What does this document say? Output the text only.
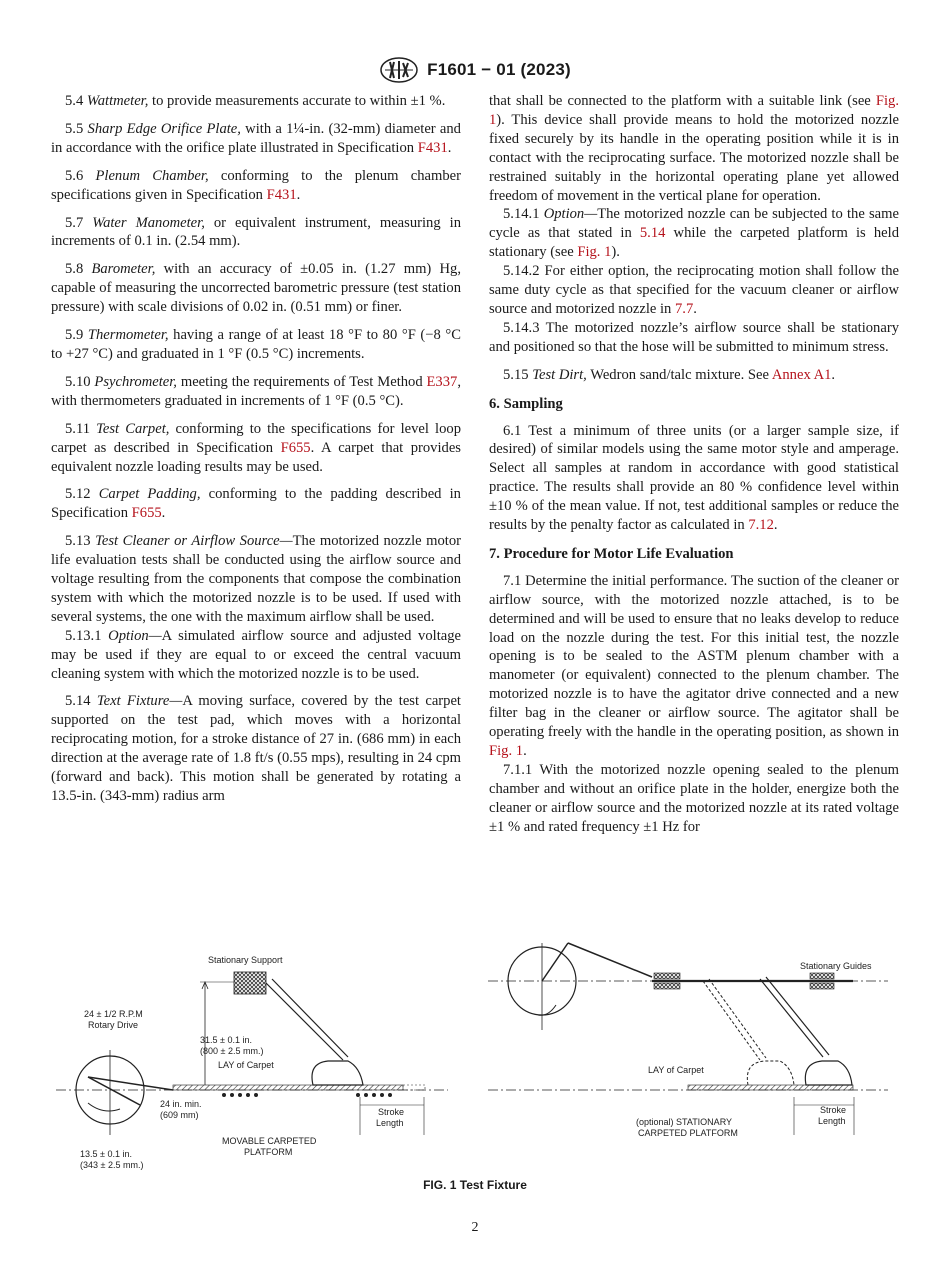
F1601 − 01 (2023)

5.4 Wattmeter, to provide measurements accurate to within ±1 %.

5.5 Sharp Edge Orifice Plate, with a 1¼-in. (32-mm) diameter and in accordance with the orifice plate illustrated in Specification F431.

5.6 Plenum Chamber, conforming to the plenum chamber specifications given in Specification F431.

5.7 Water Manometer, or equivalent instrument, measuring in increments of 0.1 in. (2.54 mm).

5.8 Barometer, with an accuracy of ±0.05 in. (1.27 mm) Hg, capable of measuring the uncorrected barometric pressure (test station pressure) with scale divisions of 0.02 in. (0.51 mm) or finer.

5.9 Thermometer, having a range of at least 18 °F to 80 °F (−8 °C to +27 °C) and graduated in 1 °F (0.5 °C) increments.

5.10 Psychrometer, meeting the requirements of Test Method E337, with thermometers graduated in increments of 1 °F (0.5 °C).

5.11 Test Carpet, conforming to the specifications for level loop carpet as described in Specification F655. A carpet that provides equivalent nozzle loading results may be used.

5.12 Carpet Padding, conforming to the padding described in Specification F655.

5.13 Test Cleaner or Airflow Source—The motorized nozzle motor life evaluation tests shall be conducted using the airflow source and voltage resulting from the components that compose the combination system with which the motorized nozzle is to be used. If used with several systems, the one with the maximum airflow shall be used.

5.13.1 Option—A simulated airflow source and adjusted voltage may be used if they are equal to or exceed the central vacuum cleaning system with which the motorized nozzle is to be used.

5.14 Text Fixture—A moving surface, covered by the test carpet supported on the test pad, which moves with a horizontal reciprocating motion, for a stroke distance of 27 in. (686 mm) in each direction at the average rate of 1.8 ft/s (0.55 mps), resulting in 24 cpm (forward and back). This motion shall be generated by rotating a 13.5-in. (343-mm) radius arm

that shall be connected to the platform with a suitable link (see Fig. 1). This device shall provide means to hold the motorized nozzle fixed securely by its handle in the operating position while it is in contact with the reciprocating surface. The motorized nozzle shall be restrained suitably in the horizontal operating plane yet allowed freedom of movement in the vertical plane for operation.

5.14.1 Option—The motorized nozzle can be subjected to the same cycle as that stated in 5.14 while the carpeted platform is held stationary (see Fig. 1).

5.14.2 For either option, the reciprocating motion shall follow the same duty cycle as that specified for the vacuum cleaner or airflow source and motorized nozzle in 7.7.

5.14.3 The motorized nozzle’s airflow source shall be stationary and positioned so that the hose will be submitted to minimum stress.

5.15 Test Dirt, Wedron sand/talc mixture. See Annex A1.

6. Sampling

6.1 Test a minimum of three units (or a larger sample size, if desired) of similar models using the same motor style and amperage. Select all samples at random in accordance with good statistical practice. The results shall provide an 80 % confidence level within ±10 % of the mean value. If not, test additional samples or reduce the results by the penalty factor as calculated in 7.12.

7. Procedure for Motor Life Evaluation

7.1 Determine the initial performance. The suction of the cleaner or airflow source, with the motorized nozzle attached, is to be determined and will be used to ensure that no leaks develop to reduce load on the nozzle during the test. For this initial test, the nozzle opening is to be sealed to the ASTM plenum chamber with a manometer (or equivalent) connected to the plenum chamber. The motorized nozzle is to have the agitator drive connected and a new filter bag in the cleaner or airflow source. The agitator shall be operating freely with the handle in the operating position, as shown in Fig. 1.

7.1.1 With the motorized nozzle opening sealed to the plenum chamber and without an orifice plate in the holder, energize both the cleaner or airflow source and the motorized nozzle at its rated voltage ±1 % and rated frequency ±1 Hz for

Stationary Support
24 ± 1/2 R.P.M
Rotary Drive
31.5 ± 0.1 in.
(800 ± 2.5 mm.)
LAY of Carpet
24 in. min.
(609 mm)	Stroke
Length
MOVABLE CARPETED
PLATFORM
13.5 ± 0.1 in.
(343 ± 2.5 mm.)
Stationary Guides
LAY of Carpet
Stroke
Length
(optional) STATIONARY
CARPETED PLATFORM
FIG. 1 Test Fixture
2
